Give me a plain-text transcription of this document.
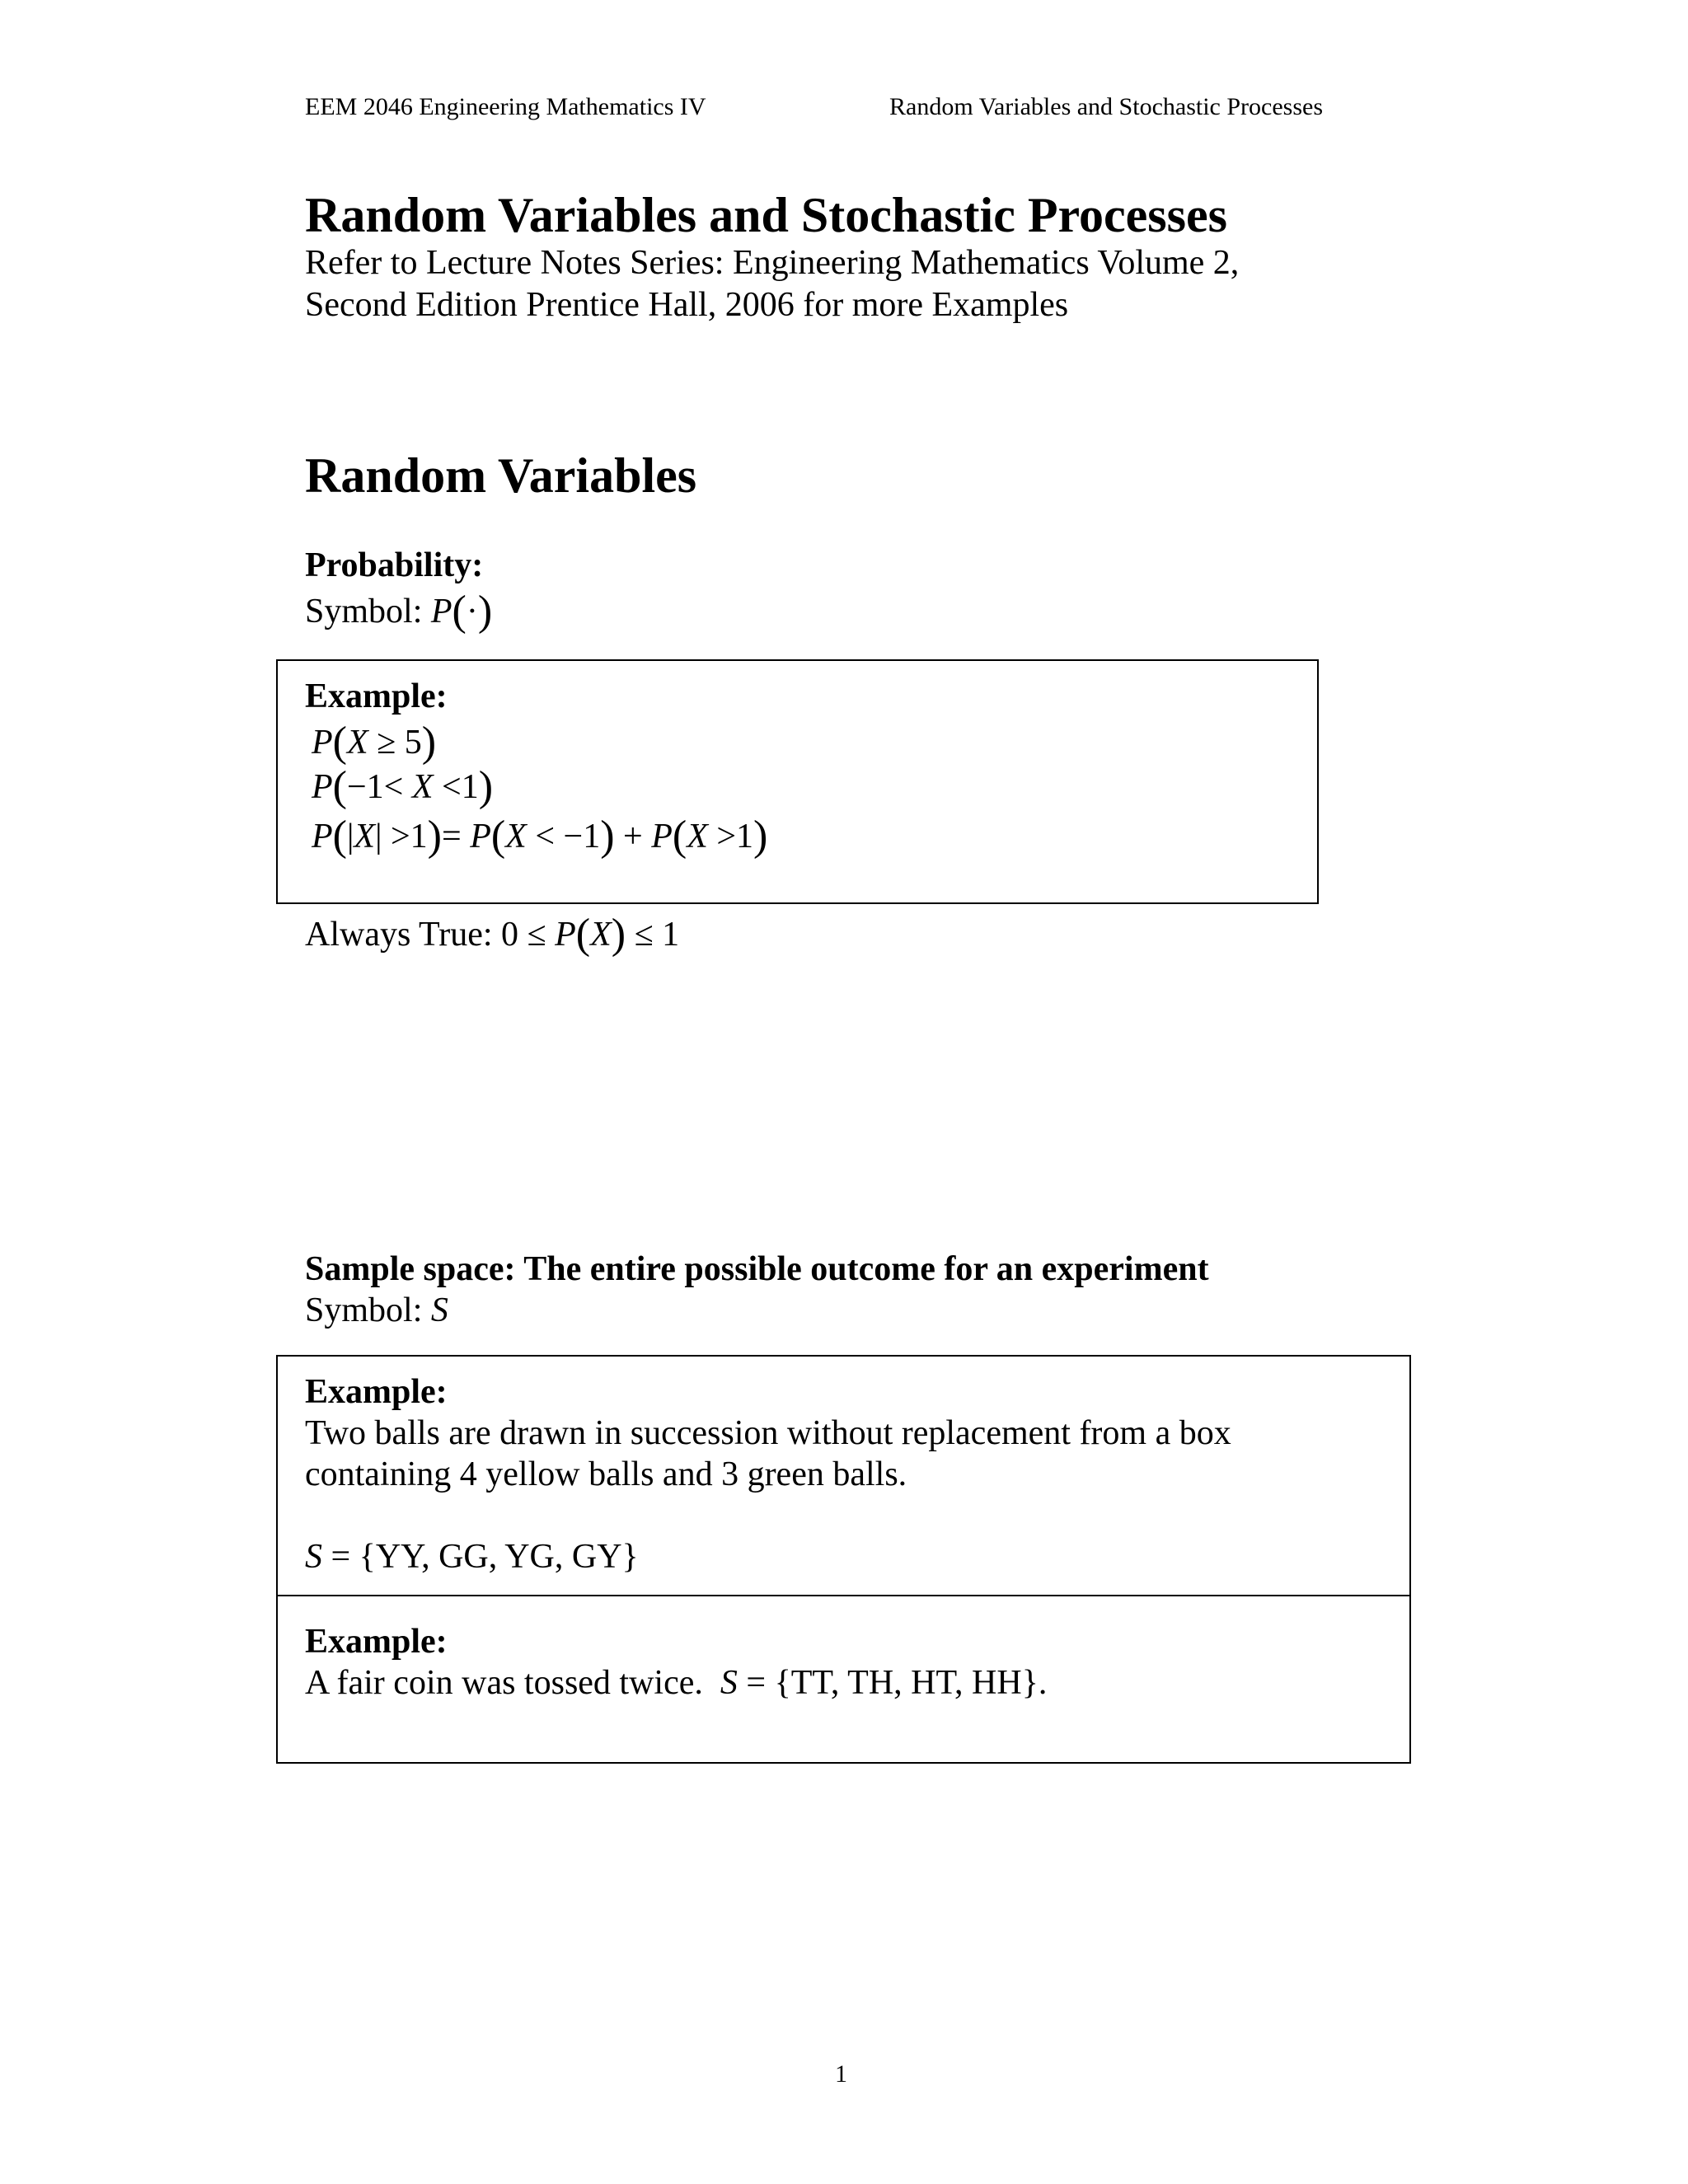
EEM 2046 Engineering Mathematics IV	Random Variables and Stochastic Processes
Random Variables and Stochastic Processes
Refer to Lecture Notes Series: Engineering Mathematics Volume 2,
Second Edition Prentice Hall, 2006 for more Examples
Random Variables
Probability:
Symbol: P(·)
Example:
P(X ≥ 5)
P(−1< X <1)
P(|X| >1)= P(X < −1) + P(X >1)
Always True: 0 ≤ P(X) ≤ 1
Sample space: The entire possible outcome for an experiment
Symbol: S
Example:
Two balls are drawn in succession without replacement from a box
containing 4 yellow balls and 3 green balls.
S = {YY, GG, YG, GY}
Example:
A fair coin was tossed twice.  S = {TT, TH, HT, HH}.
1
